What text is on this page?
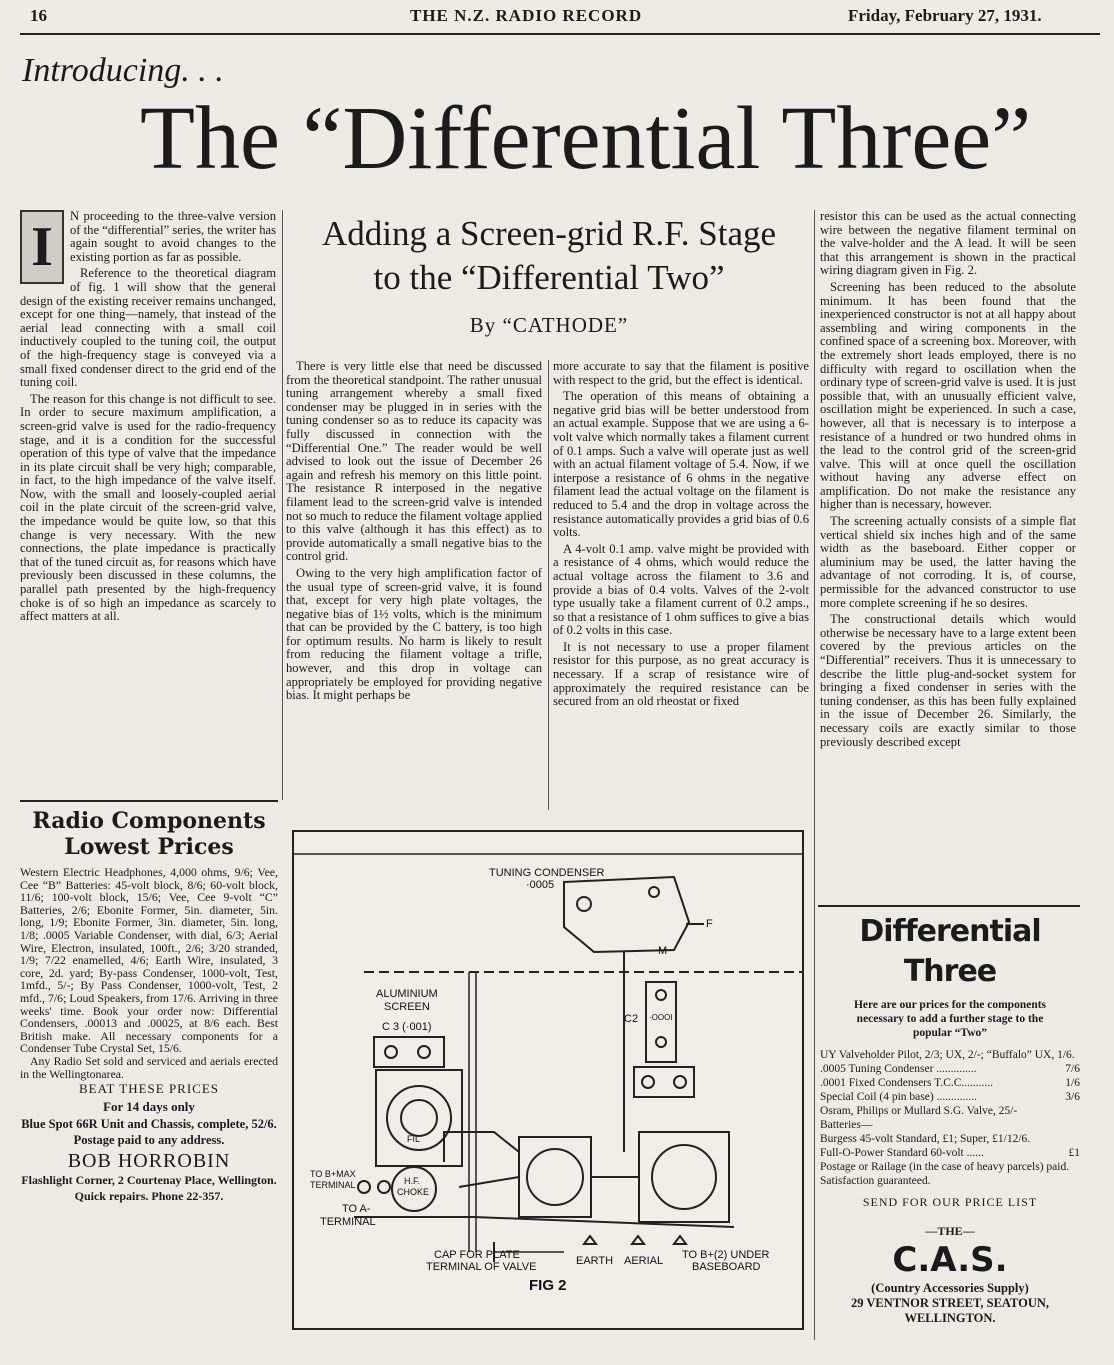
16	THE N.Z. RADIO RECORD	Friday, February 27, 1931.
Introducing. . .
The “Differential Three”
I	N proceeding to the three-valve version of the “differential” series, the writer has again sought to avoid changes to the existing portion as far as possible.

Reference to the theoretical diagram of fig. 1 will show that the general design of the existing receiver remains unchanged, except for one thing—namely, that instead of the aerial lead connecting with a small coil inductively coupled to the tuning coil, the output of the high-frequency stage is conveyed via a small fixed condenser direct to the grid end of the tuning coil.

The reason for this change is not difficult to see. In order to secure maximum amplification, a screen-grid valve is used for the radio-frequency stage, and it is a condition for the successful operation of this type of valve that the impedance in its plate circuit shall be very high; comparable, in fact, to the high impedance of the valve itself. Now, with the small and loosely-coupled aerial coil in the plate circuit of the screen-grid valve, the impedance would be quite low, so that this change is very necessary. With the new connections, the plate impedance is practically that of the tuned circuit as, for reasons which have previously been discussed in these columns, the parallel path presented by the high-frequency choke is of so high an impedance as scarcely to affect matters at all.

Adding a Screen-grid R.F. Stage
to the “Differential Two”
By “CATHODE”

There is very little else that need be discussed from the theoretical standpoint. The rather unusual tuning arrangement whereby a small fixed condenser may be plugged in in series with the tuning condenser so as to reduce its capacity was fully discussed in connection with the “Differential One.” The reader would be well advised to look out the issue of December 26 again and refresh his memory on this little point. The resistance R interposed in the negative filament lead to the screen-grid valve is intended not so much to reduce the filament voltage applied to this valve (although it has this effect) as to provide automatically a small negative bias to the control grid.

Owing to the very high amplification factor of the usual type of screen-grid valve, it is found that, except for very high plate voltages, the negative bias of 1½ volts, which is the minimum that can be provided by the C battery, is too high for optimum results. No harm is likely to result from reducing the filament voltage a trifle, however, and this drop in voltage can appropriately be employed for providing negative bias. It might perhaps be

more accurate to say that the filament is positive with respect to the grid, but the effect is identical.

The operation of this means of obtaining a negative grid bias will be better understood from an actual example. Suppose that we are using a 6-volt valve which normally takes a filament current of 0.1 amps. Such a valve will operate just as well with an actual filament voltage of 5.4. Now, if we interpose a resistance of 6 ohms in the negative filament lead the actual voltage on the filament is reduced to 5.4 and the drop in voltage across the resistance automatically provides a grid bias of 0.6 volts.

A 4-volt 0.1 amp. valve might be provided with a resistance of 4 ohms, which would reduce the actual voltage across the filament to 3.6 and provide a bias of 0.4 volts. Valves of the 2-volt type usually take a filament current of 0.2 amps., so that a resistance of 1 ohm suffices to give a bias of 0.2 volts in this case.

It is not necessary to use a proper filament resistor for this purpose, as no great accuracy is necessary. If a scrap of resistance wire of approximately the required resistance can be secured from an old rheostat or fixed

resistor this can be used as the actual connecting wire between the negative filament terminal on the valve-holder and the A lead. It will be seen that this arrangement is shown in the practical wiring diagram given in Fig. 2.

Screening has been reduced to the absolute minimum. It has been found that the inexperienced constructor is not at all happy about assembling and wiring components in the confined space of a screening box. Moreover, with the extremely short leads employed, there is no difficulty with regard to oscillation when the ordinary type of screen-grid valve is used. It is just possible that, with an unusually efficient valve, oscillation might be experienced. In such a case, however, all that is necessary is to interpose a resistance of a hundred or two hundred ohms in the lead to the control grid of the screen-grid valve. This will at once quell the oscillation without having any adverse effect on amplification. Do not make the resistance any higher than is necessary, however.

The screening actually consists of a simple flat vertical shield six inches high and of the same width as the baseboard. Either copper or aluminium may be used, the latter having the advantage of not corroding. It is, of course, permissible for the advanced constructor to use more complete screening if he so desires.

The constructional details which would otherwise be necessary have to a large extent been covered by the previous articles on the “Differential” receivers. Thus it is unnecessary to describe the little plug-and-socket system for bringing a fixed condenser in series with the tuning condenser, as this has been fully explained in the issue of December 26. Similarly, the necessary coils are exactly similar to those previously described except

Radio Components
Lowest Prices
Western Electric Headphones, 4,000 ohms, 9/6; Vee, Cee “B” Batteries: 45-volt block, 8/6; 60-volt block, 11/6; 100-volt block, 15/6; Vee, Cee 9-volt “C” Batteries, 2/6; Ebonite Former, 5in. diameter, 5in. long, 1/9; Ebonite Former, 3in. diameter, 5in. long, 1/8; .0005 Variable Condenser, with dial, 6/3; Aerial Wire, Electron, insulated, 100ft., 2/6; 3/20 stranded, 1/9; 7/22 enamelled, 4/6; Earth Wire, insulated, 3 core, 2d. yard; By-pass Condenser, 1000-volt, Test, 1mfd., 5/-; By Pass Condenser, 1000-volt, Test, 2 mfd., 7/6; Loud Speakers, from 17/6. Arriving in three weeks' time. Book your order now: Differential Condensers, .00013 and .00025, at 8/6 each. Best British make. All necessary components for a Condenser Tube Crystal Set, 15/6.
Any Radio Set sold and serviced and aerials erected in the Wellingtonarea.
BEAT THESE PRICES
For 14 days only
Blue Spot 66R Unit and Chassis, complete, 52/6.
Postage paid to any address.
BOB HORROBIN
Flashlight Corner, 2 Courtenay Place, Wellington.
Quick repairs. Phone 22-357.
TUNING CONDENSER
·0005
ALUMINIUM
SCREEN
C 3 (·001)
C2 ·OOOI
FIL
M
F
TO B+MAX
TERMINAL	H.F.
CHOKE
TO A-
TERMINAL
CAP FOR PLATE
TERMINAL OF VALVE	EARTH AERIAL TO B+(2) UNDER
BASEBOARD
FIG 2
Differential Three
Here are our prices for the components necessary to add a further stage to the popular “Two”
UY Valveholder Pilot, 2/3; UX, 2/-; “Buffalo” UX, 1/6.
.0005 Tuning Condenser ..............	7/6
.0001 Fixed Condensers T.C.C...........	1/6
Special Coil (4 pin base) ..............	3/6
Osram, Philips or Mullard S.G. Valve, 25/-
Batteries—
Burgess 45-volt Standard, £1; Super, £1/12/6.
Full-O-Power Standard 60-volt ......	£1
Postage or Railage (in the case of heavy parcels) paid. Satisfaction guaranteed.
SEND FOR OUR PRICE LIST
—THE—
C.A.S.
(Country Accessories Supply)
29 VENTNOR STREET, SEATOUN,
WELLINGTON.
